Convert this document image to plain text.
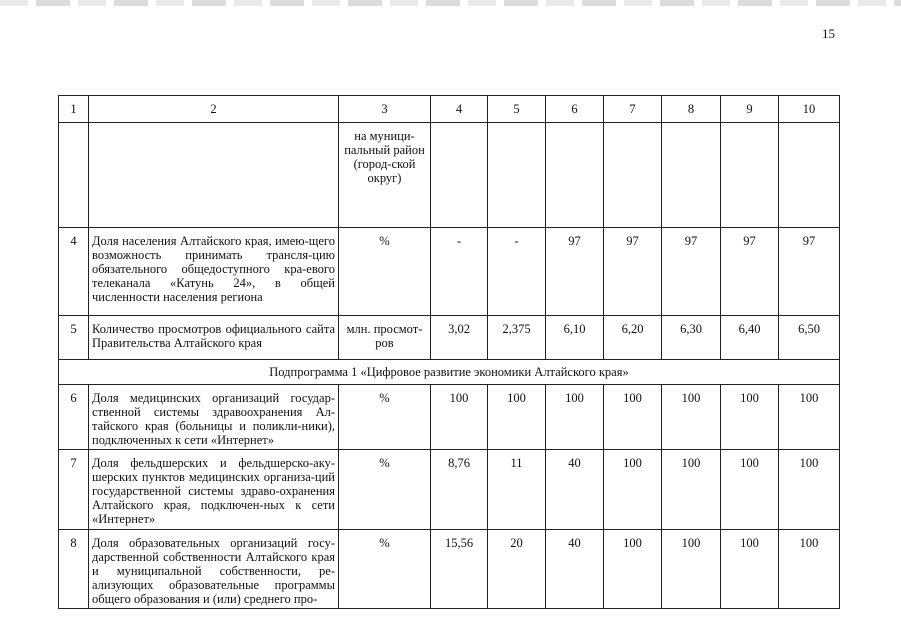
15
1	2	3	4	5	6	7	8	9	10
		на муници-пальный район (город-ской округ)							
4	Доля населения Алтайского края, имею-щего возможность принимать трансля-цию обязательного общедоступного кра-евого телеканала «Катунь 24», в общей численности населения региона	%	-	-	97	97	97	97	97
5	Количество просмотров официального сайта Правительства Алтайского края	млн. просмот-ров	3,02	2,375	6,10	6,20	6,30	6,40	6,50
Подпрограмма 1 «Цифровое развитие экономики Алтайского края»									
6	Доля медицинских организаций государ-ственной системы здравоохранения Ал-тайского края (больницы и поликли-ники), подключенных к сети «Интернет»	%	100	100	100	100	100	100	100
7	Доля фельдшерских и фельдшерско-аку-шерских пунктов медицинских организа-ций государственной системы здраво-охранения Алтайского края, подключен-ных к сети «Интернет»	%	8,76	11	40	100	100	100	100
8	Доля образовательных организаций госу-дарственной собственности Алтайского края и муниципальной собственности, ре-ализующих образовательные программы общего образования и (или) среднего про-	%	15,56	20	40	100	100	100	100
